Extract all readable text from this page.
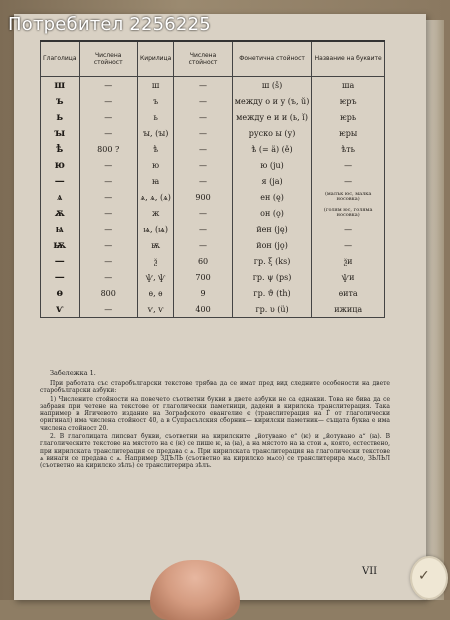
Потребител 2256225
Глаголица	Числена стойност	Кирилица	Числена стойност	Фонетична стойност	Название на буквите
ш	—	ш	—	ш (š)	ша
ъ	—	ъ	—	между о и у (ъ, ŭ)	ѥръ
ь	—	ь	—	между е и и (ь, ĭ)	ѥрь
ꙑ	—	ꙑ, (ꙑ)	—	руско ы (у)	ѥры
ѣ	800 ?	ѣ	—	ѣ (= ä) (ě)	ѣть
ю	—	ю	—	ю (ju)	—
—	—	ꙗ	—	я (ja)	—
ѧ	—	ѧ, ѧ, (ѧ)	900	ен (ę)	(малък юс, малка носовка)
ѫ	—	ж	—	он (ǫ)	(голям юс, голяма носовка)
ѩ	—	ѩ, (ѩ)	—	йен (ję)	—
ѭ	—	ѭ	—	йон (jǫ)	—
—	—	ѯ	60	гр. ξ (ks)	ѯи
—	—	ѱ, ѱ	700	гр. ψ (ps)	ѱи
ѳ	800	ѳ, ѳ	9	гр. ϑ (th)	ѳита
ѵ	—	ѵ, ѵ	400	гр. υ (ü)	ижица
Забележка 1.

При работата със старобългарски текстове трябва да се имат пред вид следните особености на двете старобългарски азбуки:

1) Числените стойности на повечето съответни букви в двете азбуки не са еднакви. Това не бива да се забравя при четене на текстове от глаголически паметници, дадени в кирилска транслитерация. Така например в Ягичевото издание на Зографското евангелие є (транслитерация на Ѓ от глаголически оригинал) има числена стойност 40, а в Супрасълския сборник— кирилски паметник— същата буква е има числена стойност 20.

2. В глаголицата липсват букви, съответни на кирилските „йотувано е“ (ѥ) и „йотувано а“ (ꙗ). В глаголическите текстове на мястото на є (ѥ) се пише ѥ, ꙗ (ꙗ), а на мястото на ꙗ стои ѧ, която, естествено, при кирилската транслитерация се предава с ѧ. При кирилската транслитерация на глаголически текстове ѧ винаги се предава с ѧ. Например ЗДЪЛЬ (съответно на кирилско мѧсо) се транслитерира мѧсо, ЗЬЛЬЛ (съответно на кирилско зѣлъ) се транслитерира зѣлъ.

VII	✓
